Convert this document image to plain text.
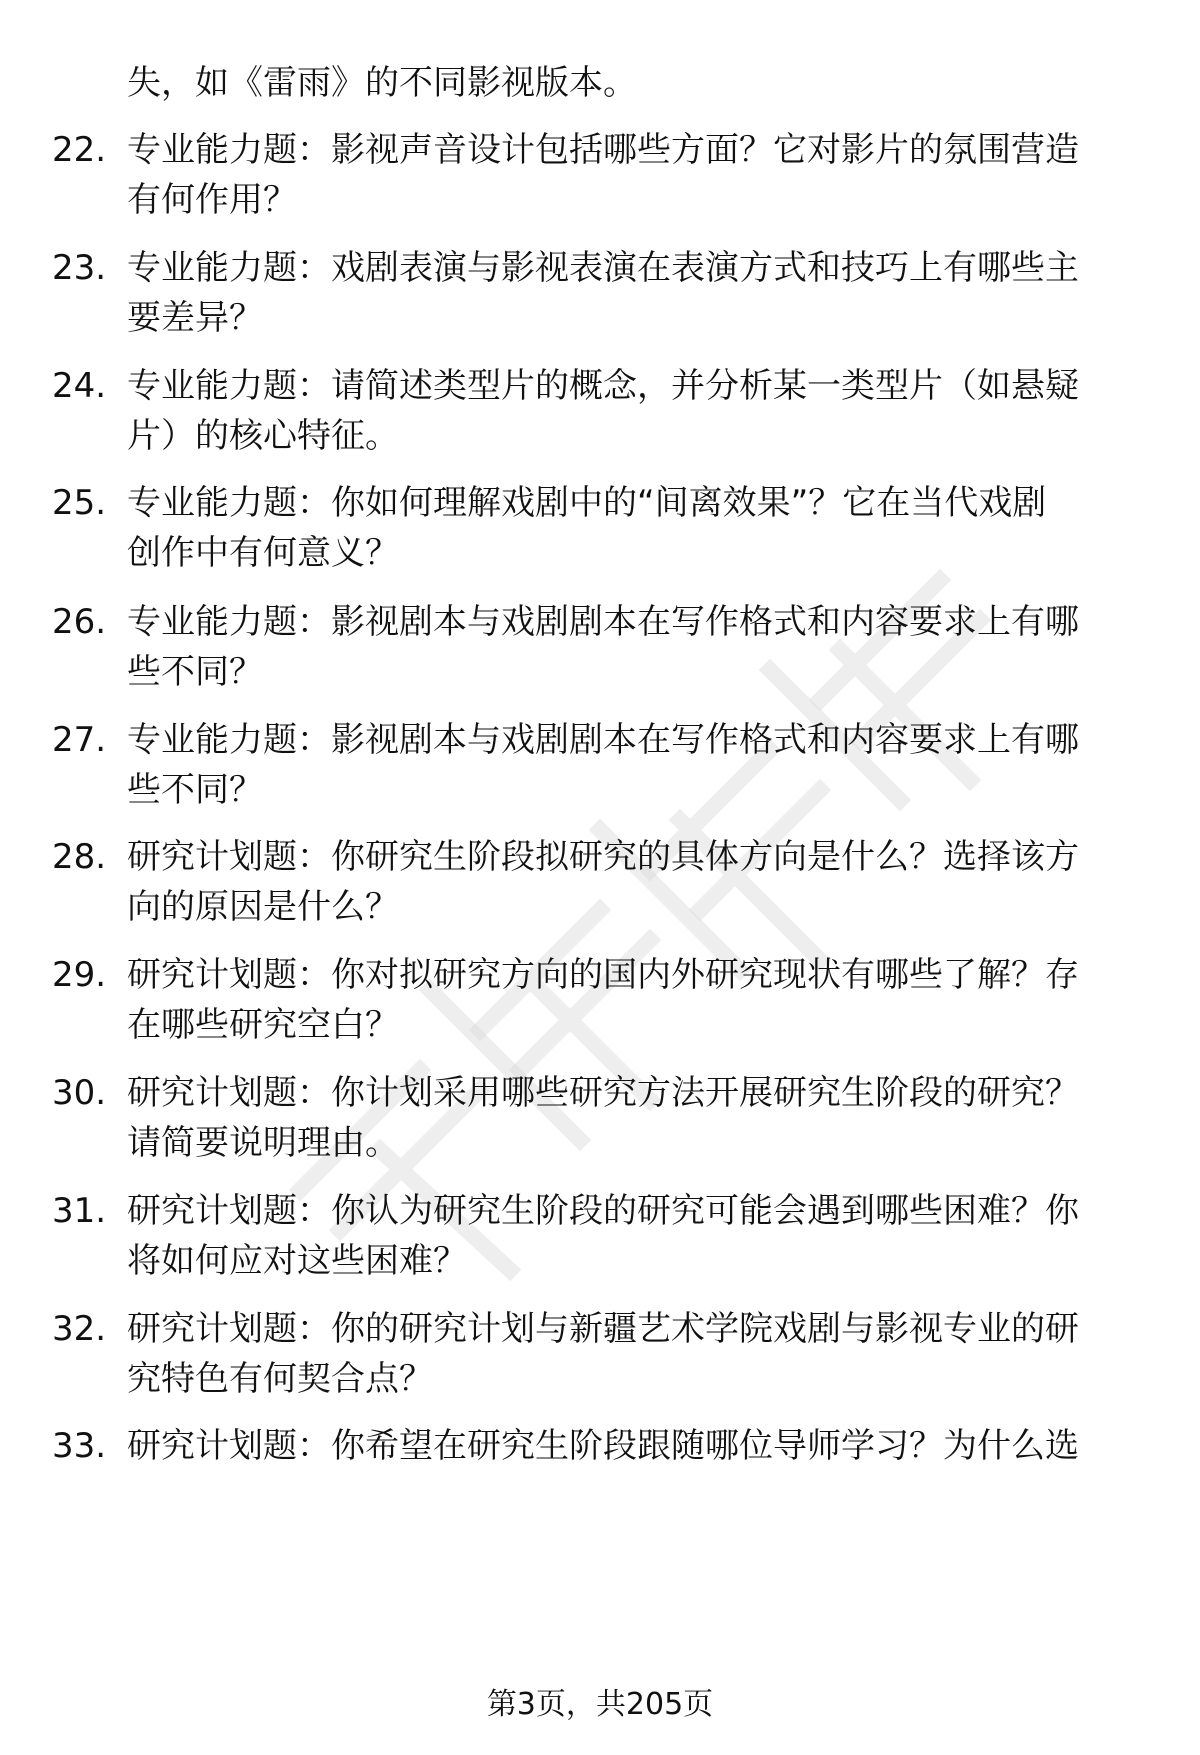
失，如《雷雨》的不同影视版本。
22. 专业能力题：影视声音设计包括哪些方面？它对影片的氛围营造
有何作用？
23. 专业能力题：戏剧表演与影视表演在表演方式和技巧上有哪些主
要差异？
24. 专业能力题：请简述类型片的概念，并分析某一类型片（如悬疑
片）的核心特征。
25. 专业能力题：你如何理解戏剧中的“间离效果”？它在当代戏剧
创作中有何意义？
26. 专业能力题：影视剧本与戏剧剧本在写作格式和内容要求上有哪
些不同？
27. 专业能力题：影视剧本与戏剧剧本在写作格式和内容要求上有哪
些不同？
28. 研究计划题：你研究生阶段拟研究的具体方向是什么？选择该方
向的原因是什么？
29. 研究计划题：你对拟研究方向的国内外研究现状有哪些了解？存
在哪些研究空白？
30. 研究计划题：你计划采用哪些研究方法开展研究生阶段的研究？
请简要说明理由。
31. 研究计划题：你认为研究生阶段的研究可能会遇到哪些困难？你
将如何应对这些困难？
32. 研究计划题：你的研究计划与新疆艺术学院戏剧与影视专业的研
究特色有何契合点？
33. 研究计划题：你希望在研究生阶段跟随哪位导师学习？为什么选
第3页，共205页
